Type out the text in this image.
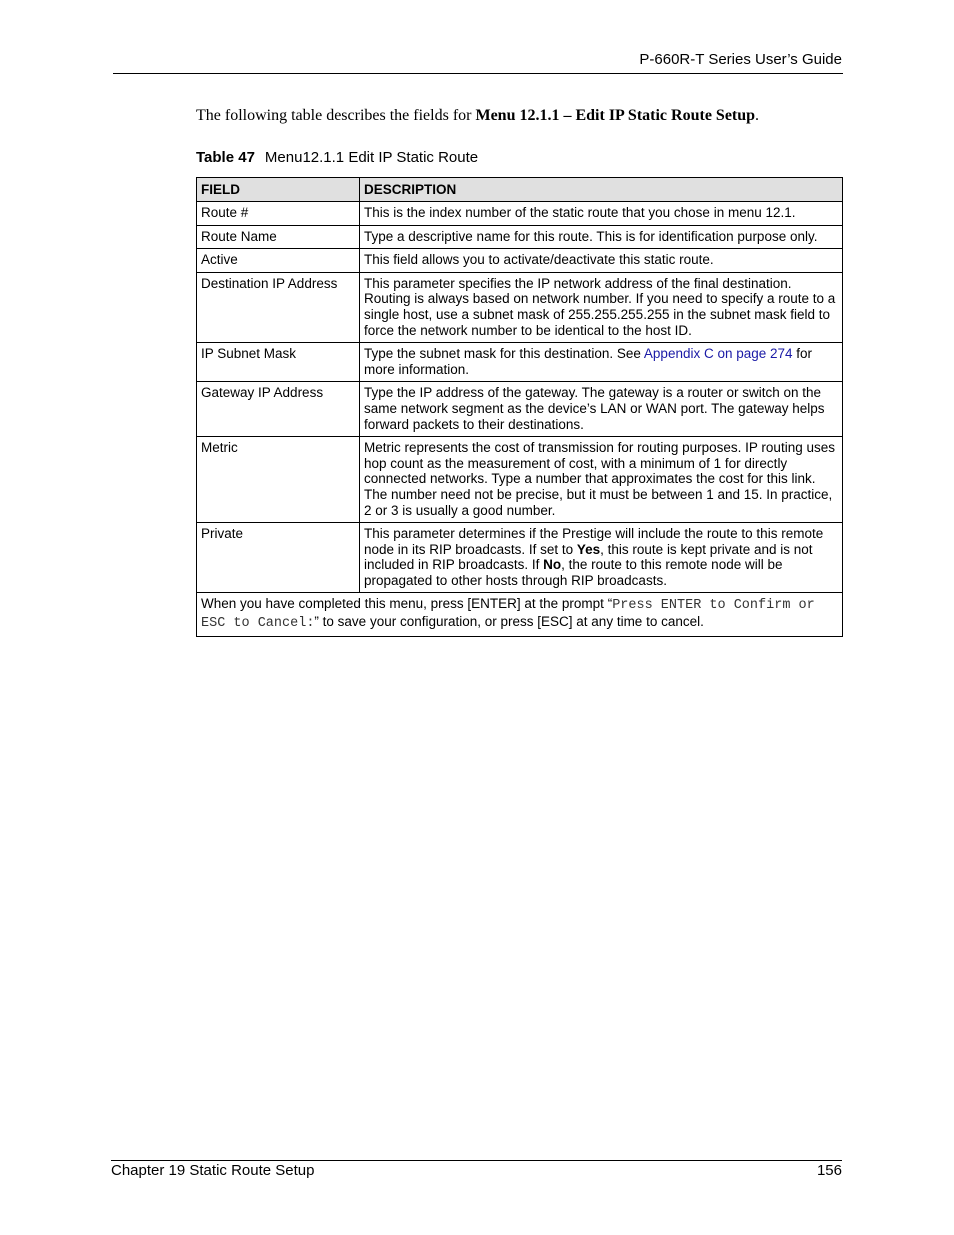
P-660R-T Series User’s Guide
The following table describes the fields for Menu 12.1.1 – Edit IP Static Route Setup.
Table 47 Menu12.1.1 Edit IP Static Route
FIELD	DESCRIPTION
Route #	This is the index number of the static route that you chose in menu 12.1.
Route Name	Type a descriptive name for this route. This is for identification purpose only.
Active	This field allows you to activate/deactivate this static route.
Destination IP Address	This parameter specifies the IP network address of the final destination. Routing is always based on network number. If you need to specify a route to a single host, use a subnet mask of 255.255.255.255 in the subnet mask field to force the network number to be identical to the host ID.
IP Subnet Mask	Type the subnet mask for this destination. See Appendix C on page 274 for more information.
Gateway IP Address	Type the IP address of the gateway. The gateway is a router or switch on the same network segment as the device’s LAN or WAN port. The gateway helps forward packets to their destinations.
Metric	Metric represents the cost of transmission for routing purposes. IP routing uses hop count as the measurement of cost, with a minimum of 1 for directly connected networks. Type a number that approximates the cost for this link. The number need not be precise, but it must be between 1 and 15. In practice, 2 or 3 is usually a good number.
Private	This parameter determines if the Prestige will include the route to this remote node in its RIP broadcasts. If set to Yes, this route is kept private and is not included in RIP broadcasts. If No, the route to this remote node will be propagated to other hosts through RIP broadcasts.
When you have completed this menu, press [ENTER] at the prompt “Press ENTER to Confirm or ESC to Cancel:” to save your configuration, or press [ESC] at any time to cancel.	
Chapter 19 Static Route Setup	156
